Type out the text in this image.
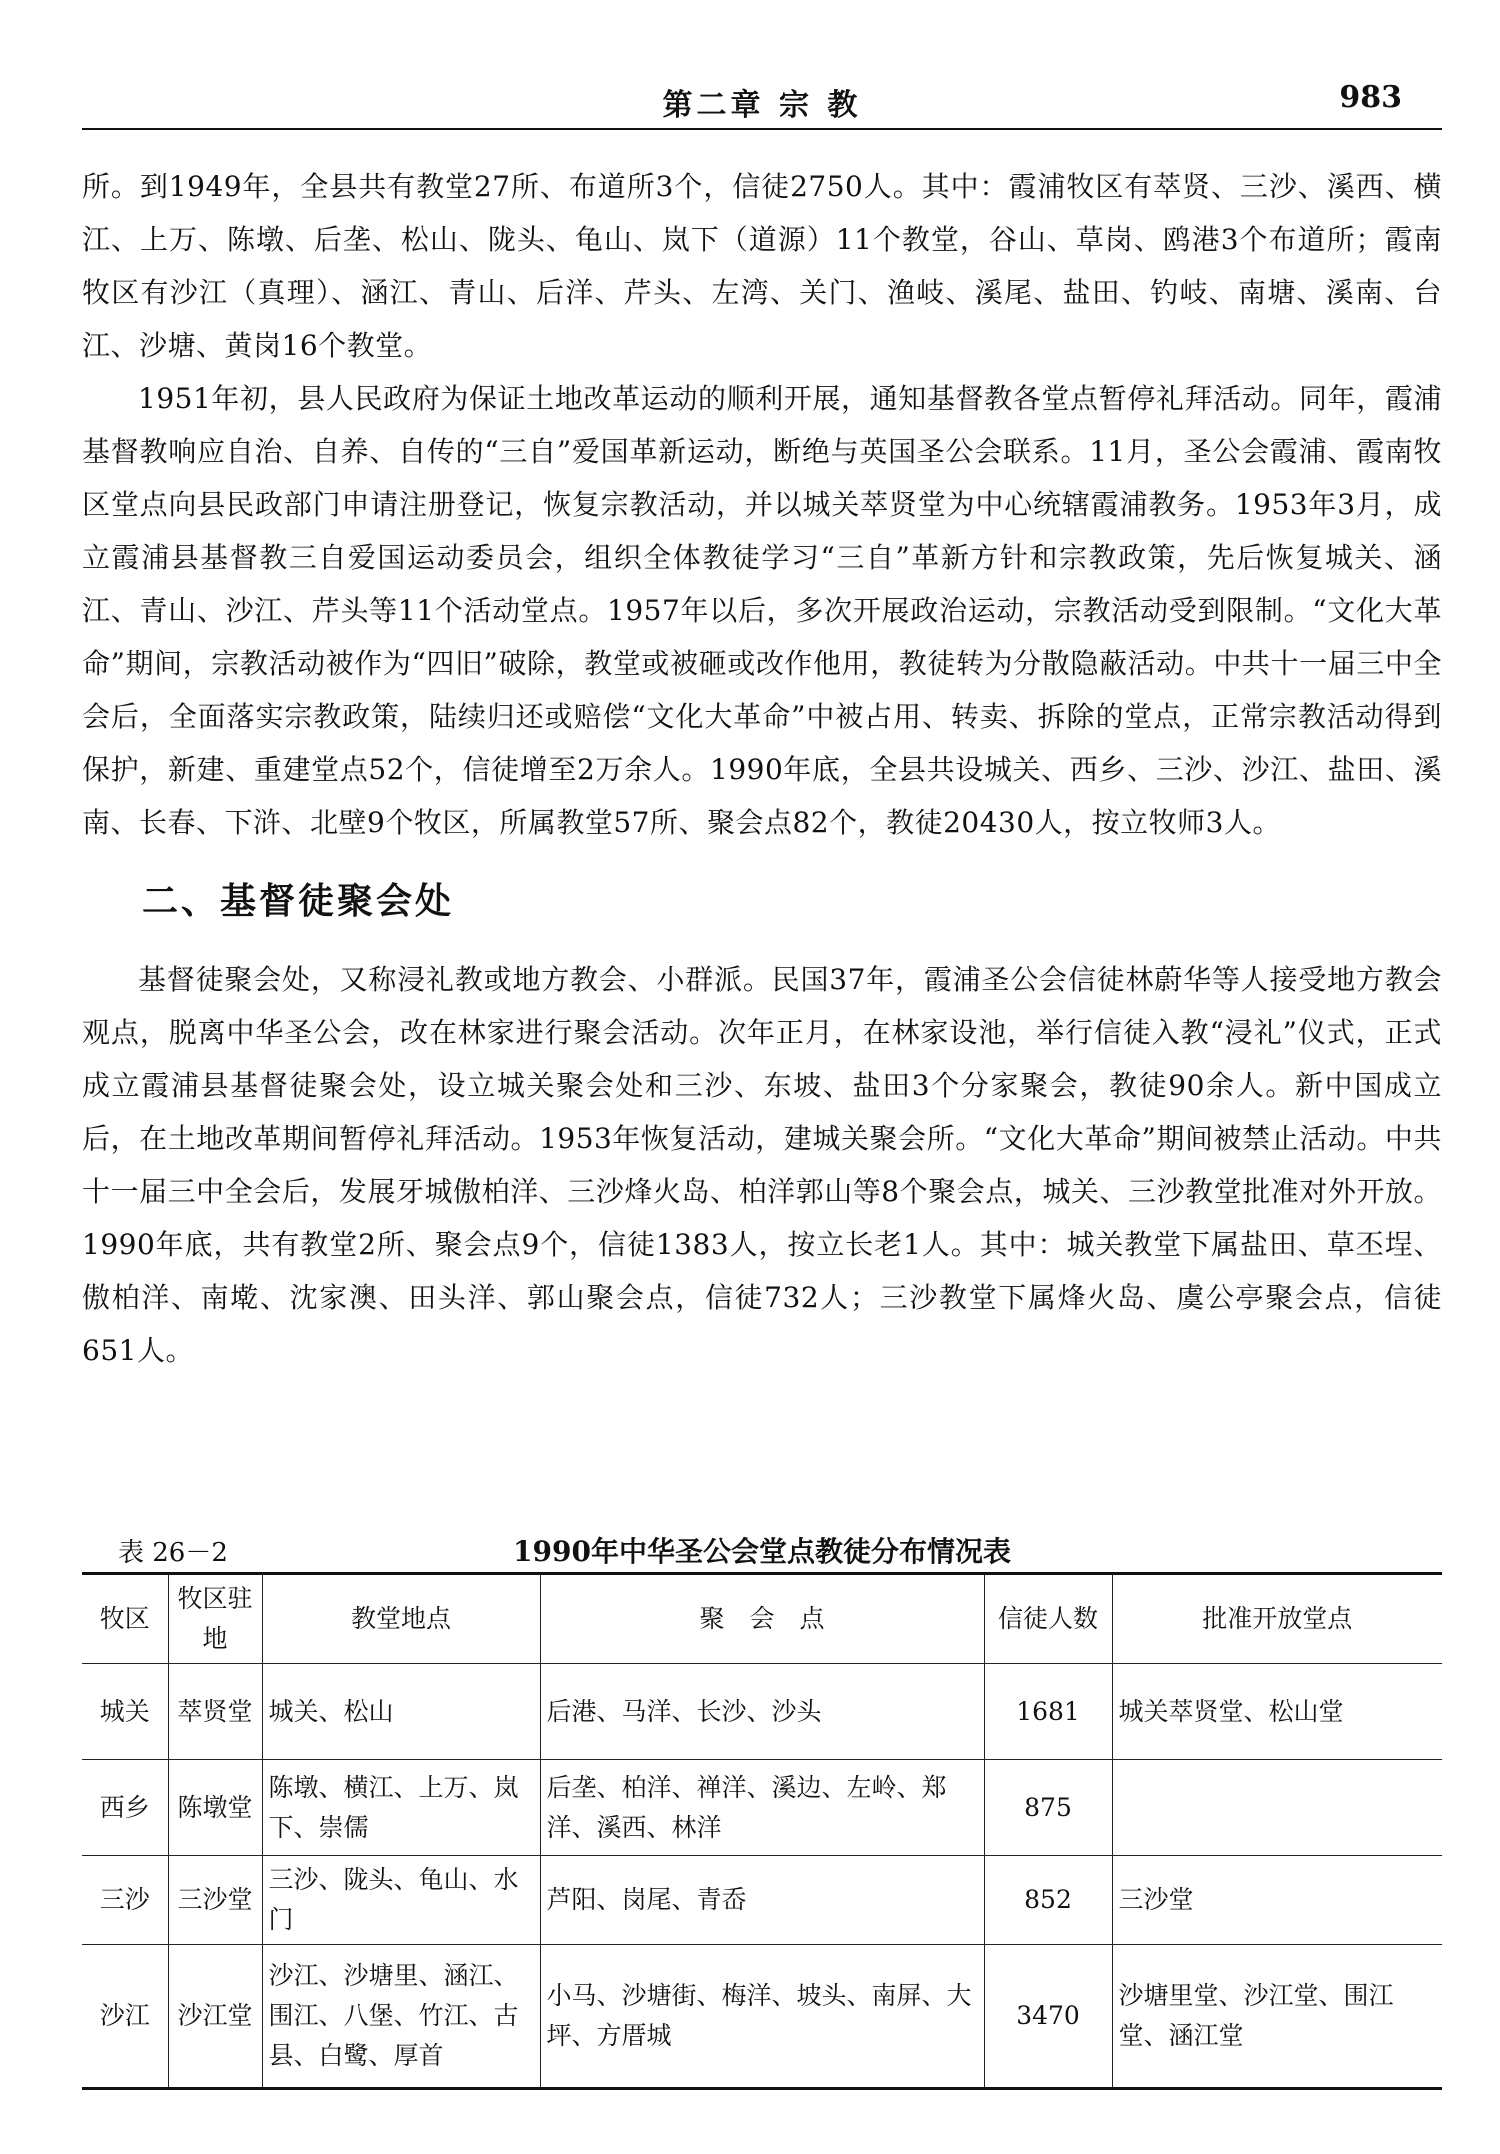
第二章 宗 教	983

所。到1949年，全县共有教堂27所、布道所3个，信徒2750人。其中：霞浦牧区有萃贤、三沙、溪西、横江、上万、陈墩、后垄、松山、陇头、龟山、岚下（道源）11个教堂，谷山、草岗、鸥港3个布道所；霞南牧区有沙江（真理）、涵江、青山、后洋、芹头、左湾、关门、渔岐、溪尾、盐田、钓岐、南塘、溪南、台江、沙塘、黄岗16个教堂。

1951年初，县人民政府为保证土地改革运动的顺利开展，通知基督教各堂点暂停礼拜活动。同年，霞浦基督教响应自治、自养、自传的“三自”爱国革新运动，断绝与英国圣公会联系。11月，圣公会霞浦、霞南牧区堂点向县民政部门申请注册登记，恢复宗教活动，并以城关萃贤堂为中心统辖霞浦教务。1953年3月，成立霞浦县基督教三自爱国运动委员会，组织全体教徒学习“三自”革新方针和宗教政策，先后恢复城关、涵江、青山、沙江、芹头等11个活动堂点。1957年以后，多次开展政治运动，宗教活动受到限制。“文化大革命”期间，宗教活动被作为“四旧”破除，教堂或被砸或改作他用，教徒转为分散隐蔽活动。中共十一届三中全会后，全面落实宗教政策，陆续归还或赔偿“文化大革命”中被占用、转卖、拆除的堂点，正常宗教活动得到保护，新建、重建堂点52个，信徒增至2万余人。1990年底，全县共设城关、西乡、三沙、沙江、盐田、溪南、长春、下浒、北壁9个牧区，所属教堂57所、聚会点82个，教徒20430人，按立牧师3人。

二、基督徒聚会处

基督徒聚会处，又称浸礼教或地方教会、小群派。民国37年，霞浦圣公会信徒林蔚华等人接受地方教会观点，脱离中华圣公会，改在林家进行聚会活动。次年正月，在林家设池，举行信徒入教“浸礼”仪式，正式成立霞浦县基督徒聚会处，设立城关聚会处和三沙、东坡、盐田3个分家聚会，教徒90余人。新中国成立后，在土地改革期间暂停礼拜活动。1953年恢复活动，建城关聚会所。“文化大革命”期间被禁止活动。中共十一届三中全会后，发展牙城傲柏洋、三沙烽火岛、柏洋郭山等8个聚会点，城关、三沙教堂批准对外开放。1990年底，共有教堂2所、聚会点9个，信徒1383人，按立长老1人。其中：城关教堂下属盐田、草丕埕、傲柏洋、南墘、沈家澳、田头洋、郭山聚会点，信徒732人；三沙教堂下属烽火岛、虞公亭聚会点，信徒651人。

表 26－2	1990年中华圣公会堂点教徒分布情况表
牧区	牧区驻地	教堂地点	聚　会　点	信徒人数	批准开放堂点
城关	萃贤堂	城关、松山	后港、马洋、长沙、沙头	1681	城关萃贤堂、松山堂
西乡	陈墩堂	陈墩、横江、上万、岚下、崇儒	后垄、柏洋、禅洋、溪边、左岭、郑洋、溪西、林洋	875	
三沙	三沙堂	三沙、陇头、龟山、水门	芦阳、岗尾、青岙	852	三沙堂
沙江	沙江堂	沙江、沙塘里、涵江、围江、八堡、竹江、古县、白鹭、厚首	小马、沙塘街、梅洋、坡头、南屏、大坪、方厝城	3470	沙塘里堂、沙江堂、围江堂、涵江堂
